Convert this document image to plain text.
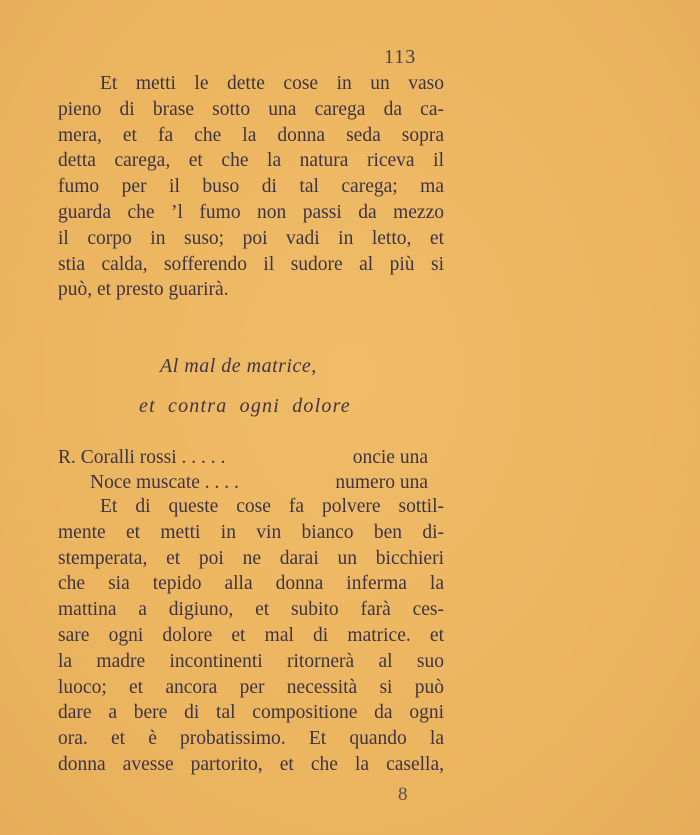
113
Et metti le dette cose in un vaso
pieno di brase sotto una carega da ca-
mera, et fa che la donna seda sopra
detta carega, et che la natura riceva il
fumo per il buso di tal carega; ma
guarda che ’l fumo non passi da mezzo
il corpo in suso; poi vadi in letto, et
stia calda, sofferendo il sudore al più si
può, et presto guarirà.
Al mal de matrice,
et contra ogni dolore
R. Coralli rossi . . . . .	oncie una
Noce muscate . . . .	numero una
Et di queste cose fa polvere sottil-
mente et metti in vin bianco ben di-
stemperata, et poi ne darai un bicchieri
che sia tepido alla donna inferma la
mattina a digiuno, et subito farà ces-
sare ogni dolore et mal di matrice. et
la madre incontinenti ritornerà al suo
luoco; et ancora per necessità si può
dare a bere di tal compositione da ogni
ora. et è probatissimo. Et quando la
donna avesse partorito, et che la casella,
8
